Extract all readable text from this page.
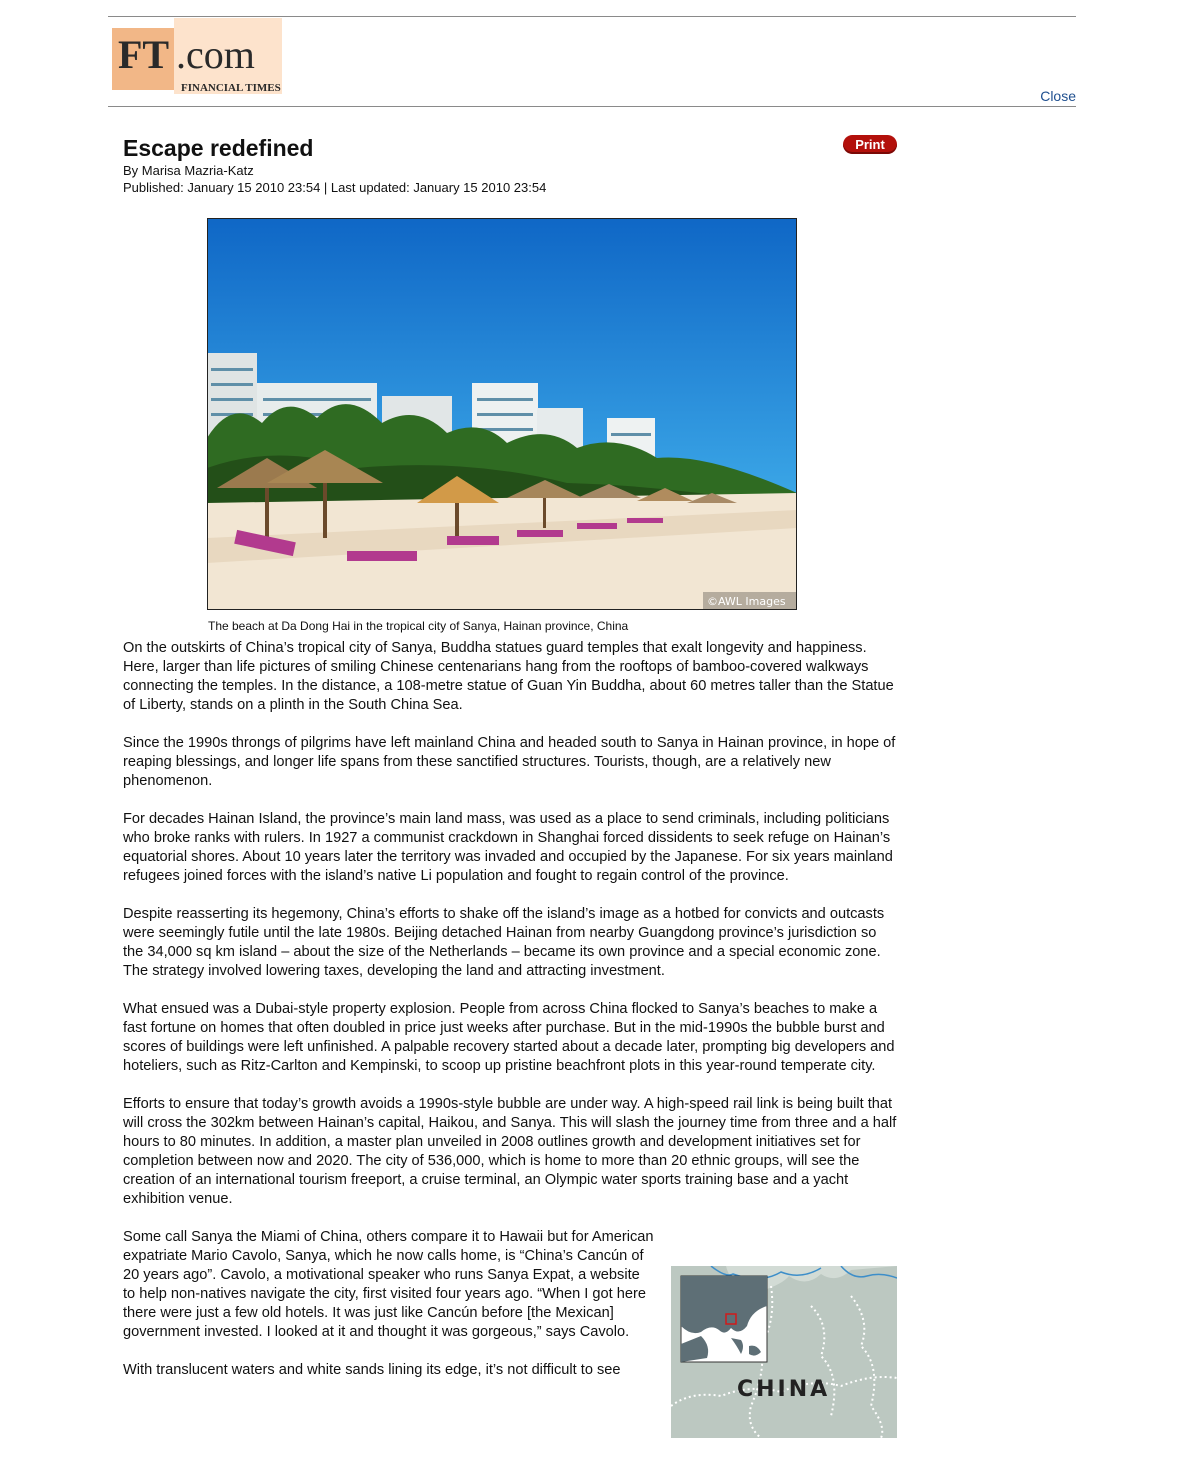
FT .com
FINANCIAL TIMES	Close
Print
Escape redefined
By Marisa Mazria-Katz
Published: January 15 2010 23:54 | Last updated: January 15 2010 23:54
©AWL Images
The beach at Da Dong Hai in the tropical city of Sanya, Hainan province, China

On the outskirts of China’s tropical city of Sanya, Buddha statues guard temples that exalt longevity and happiness. Here, larger than life pictures of smiling Chinese centenarians hang from the rooftops of bamboo-covered walkways connecting the temples. In the distance, a 108-metre statue of Guan Yin Buddha, about 60 metres taller than the Statue of Liberty, stands on a plinth in the South China Sea.

Since the 1990s throngs of pilgrims have left mainland China and headed south to Sanya in Hainan province, in hope of reaping blessings, and longer life spans from these sanctified structures. Tourists, though, are a relatively new phenomenon.

For decades Hainan Island, the province’s main land mass, was used as a place to send criminals, including politicians who broke ranks with rulers. In 1927 a communist crackdown in Shanghai forced dissidents to seek refuge on Hainan’s equatorial shores. About 10 years later the territory was invaded and occupied by the Japanese. For six years mainland refugees joined forces with the island’s native Li population and fought to regain control of the province.

Despite reasserting its hegemony, China’s efforts to shake off the island’s image as a hotbed for convicts and outcasts were seemingly futile until the late 1980s. Beijing detached Hainan from nearby Guangdong province’s jurisdiction so the 34,000 sq km island – about the size of the Netherlands – became its own province and a special economic zone. The strategy involved lowering taxes, developing the land and attracting investment.

What ensued was a Dubai-style property explosion. People from across China flocked to Sanya’s beaches to make a fast fortune on homes that often doubled in price just weeks after purchase. But in the mid-1990s the bubble burst and scores of buildings were left unfinished. A palpable recovery started about a decade later, prompting big developers and hoteliers, such as Ritz-Carlton and Kempinski, to scoop up pristine beachfront plots in this year-round temperate city.

Efforts to ensure that today’s growth avoids a 1990s-style bubble are under way. A high-speed rail link is being built that will cross the 302km between Hainan’s capital, Haikou, and Sanya. This will slash the journey time from three and a half hours to 80 minutes. In addition, a master plan unveiled in 2008 outlines growth and development initiatives set for completion between now and 2020. The city of 536,000, which is home to more than 20 ethnic groups, will see the creation of an international tourism freeport, a cruise terminal, an Olympic water sports training base and a yacht exhibition venue.

Some call Sanya the Miami of China, others compare it to Hawaii but for American expatriate Mario Cavolo, Sanya, which he now calls home, is “China’s Cancún of 20 years ago”. Cavolo, a motivational speaker who runs Sanya Expat, a website to help non-natives navigate the city, first visited four years ago. “When I got here there were just a few old hotels. It was just like Cancún before [the Mexican] government invested. I looked at it and thought it was gorgeous,” says Cavolo.

With translucent waters and white sands lining its edge, it’s not difficult to see

CHINA
